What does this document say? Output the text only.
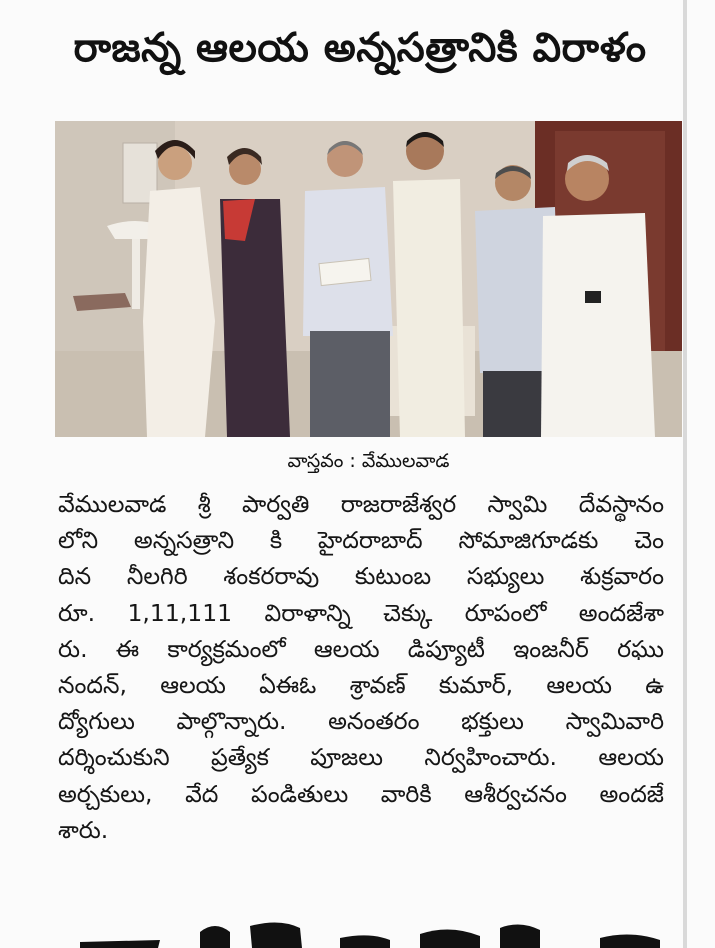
రాజన్న ఆలయ అన్నసత్రానికి విరాళం
వాస్తవం : వేములవాడ
వేములవాడ శ్రీ పార్వతి రాజరాజేశ్వర స్వామి దేవస్థానం
లోని అన్నసత్రాని కి హైదరాబాద్ సోమాజిగూడకు చెం
దిన నీలగిరి శంకరరావు కుటుంబ సభ్యులు శుక్రవారం
రూ. 1,11,111 విరాళాన్ని చెక్కు రూపంలో అందజేశా
రు. ఈ కార్యక్రమంలో ఆలయ డిప్యూటీ ఇంజనీర్ రఘు
నందన్, ఆలయ ఏఈఓ శ్రావణ్ కుమార్, ఆలయ ఉ
ద్యోగులు పాల్గొన్నారు. అనంతరం భక్తులు స్వామివారి
దర్శించుకుని ప్రత్యేక పూజలు నిర్వహించారు. ఆలయ
అర్చకులు, వేద పండితులు వారికి ఆశీర్వచనం అందజే
శారు.
